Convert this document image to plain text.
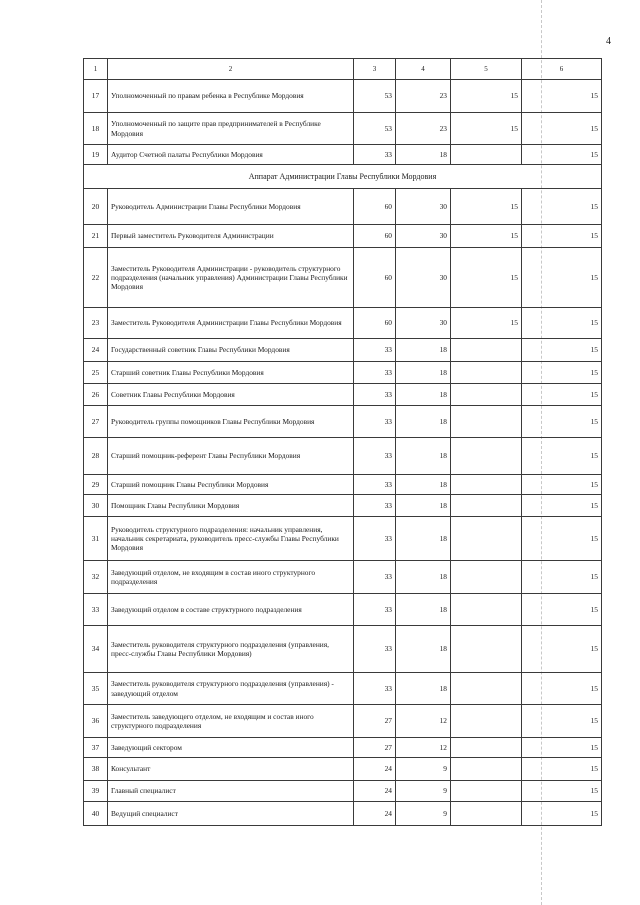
4
1	2	3	4	5	6
17	Уполномоченный по правам ребенка в Республике Мордовия	53	23	15	15
18	Уполномоченный по защите прав предпринимателей в Республике Мордовия	53	23	15	15
19	Аудитор Счетной палаты Республики Мордовия	33	18		15
Аппарат Администрации Главы Республики Мордовия					
20	Руководитель Администрации Главы Республики Мордовия	60	30	15	15
21	Первый заместитель Руководителя Администрации	60	30	15	15
22	Заместитель Руководителя Администрации - руководитель структурного подразделения (начальник управления) Администрации Главы Республики Мордовия	60	30	15	15
23	Заместитель Руководителя Администрации Главы Республики Мордовия	60	30	15	15
24	Государственный советник Главы Республики Мордовия	33	18		15
25	Старший советник Главы Республики Мордовия	33	18		15
26	Советник Главы Республики Мордовия	33	18		15
27	Руководитель группы помощников Главы Республики Мордовия	33	18		15
28	Старший помощник-референт Главы Республики Мордовия	33	18		15
29	Старший помощник Главы Республики Мордовия	33	18		15
30	Помощник Главы Республики Мордовия	33	18		15
31	Руководитель структурного подразделения: начальник управления, начальник секретариата, руководитель пресс-службы Главы Республики Мордовия	33	18		15
32	Заведующий отделом, не входящим в состав иного структурного подразделения	33	18		15
33	Заведующий отделом в составе структурного подразделения	33	18		15
34	Заместитель руководителя структурного подразделения (управления, пресс-службы Главы Республики Мордовия)	33	18		15
35	Заместитель руководителя структурного подразделения (управления) - заведующий отделом	33	18		15
36	Заместитель заведующего отделом, не входящим и состав иного структурного подразделения	27	12		15
37	Заведующий сектором	27	12		15
38	Консультант	24	9		15
39	Главный специалист	24	9		15
40	Ведущий специалист	24	9		15
